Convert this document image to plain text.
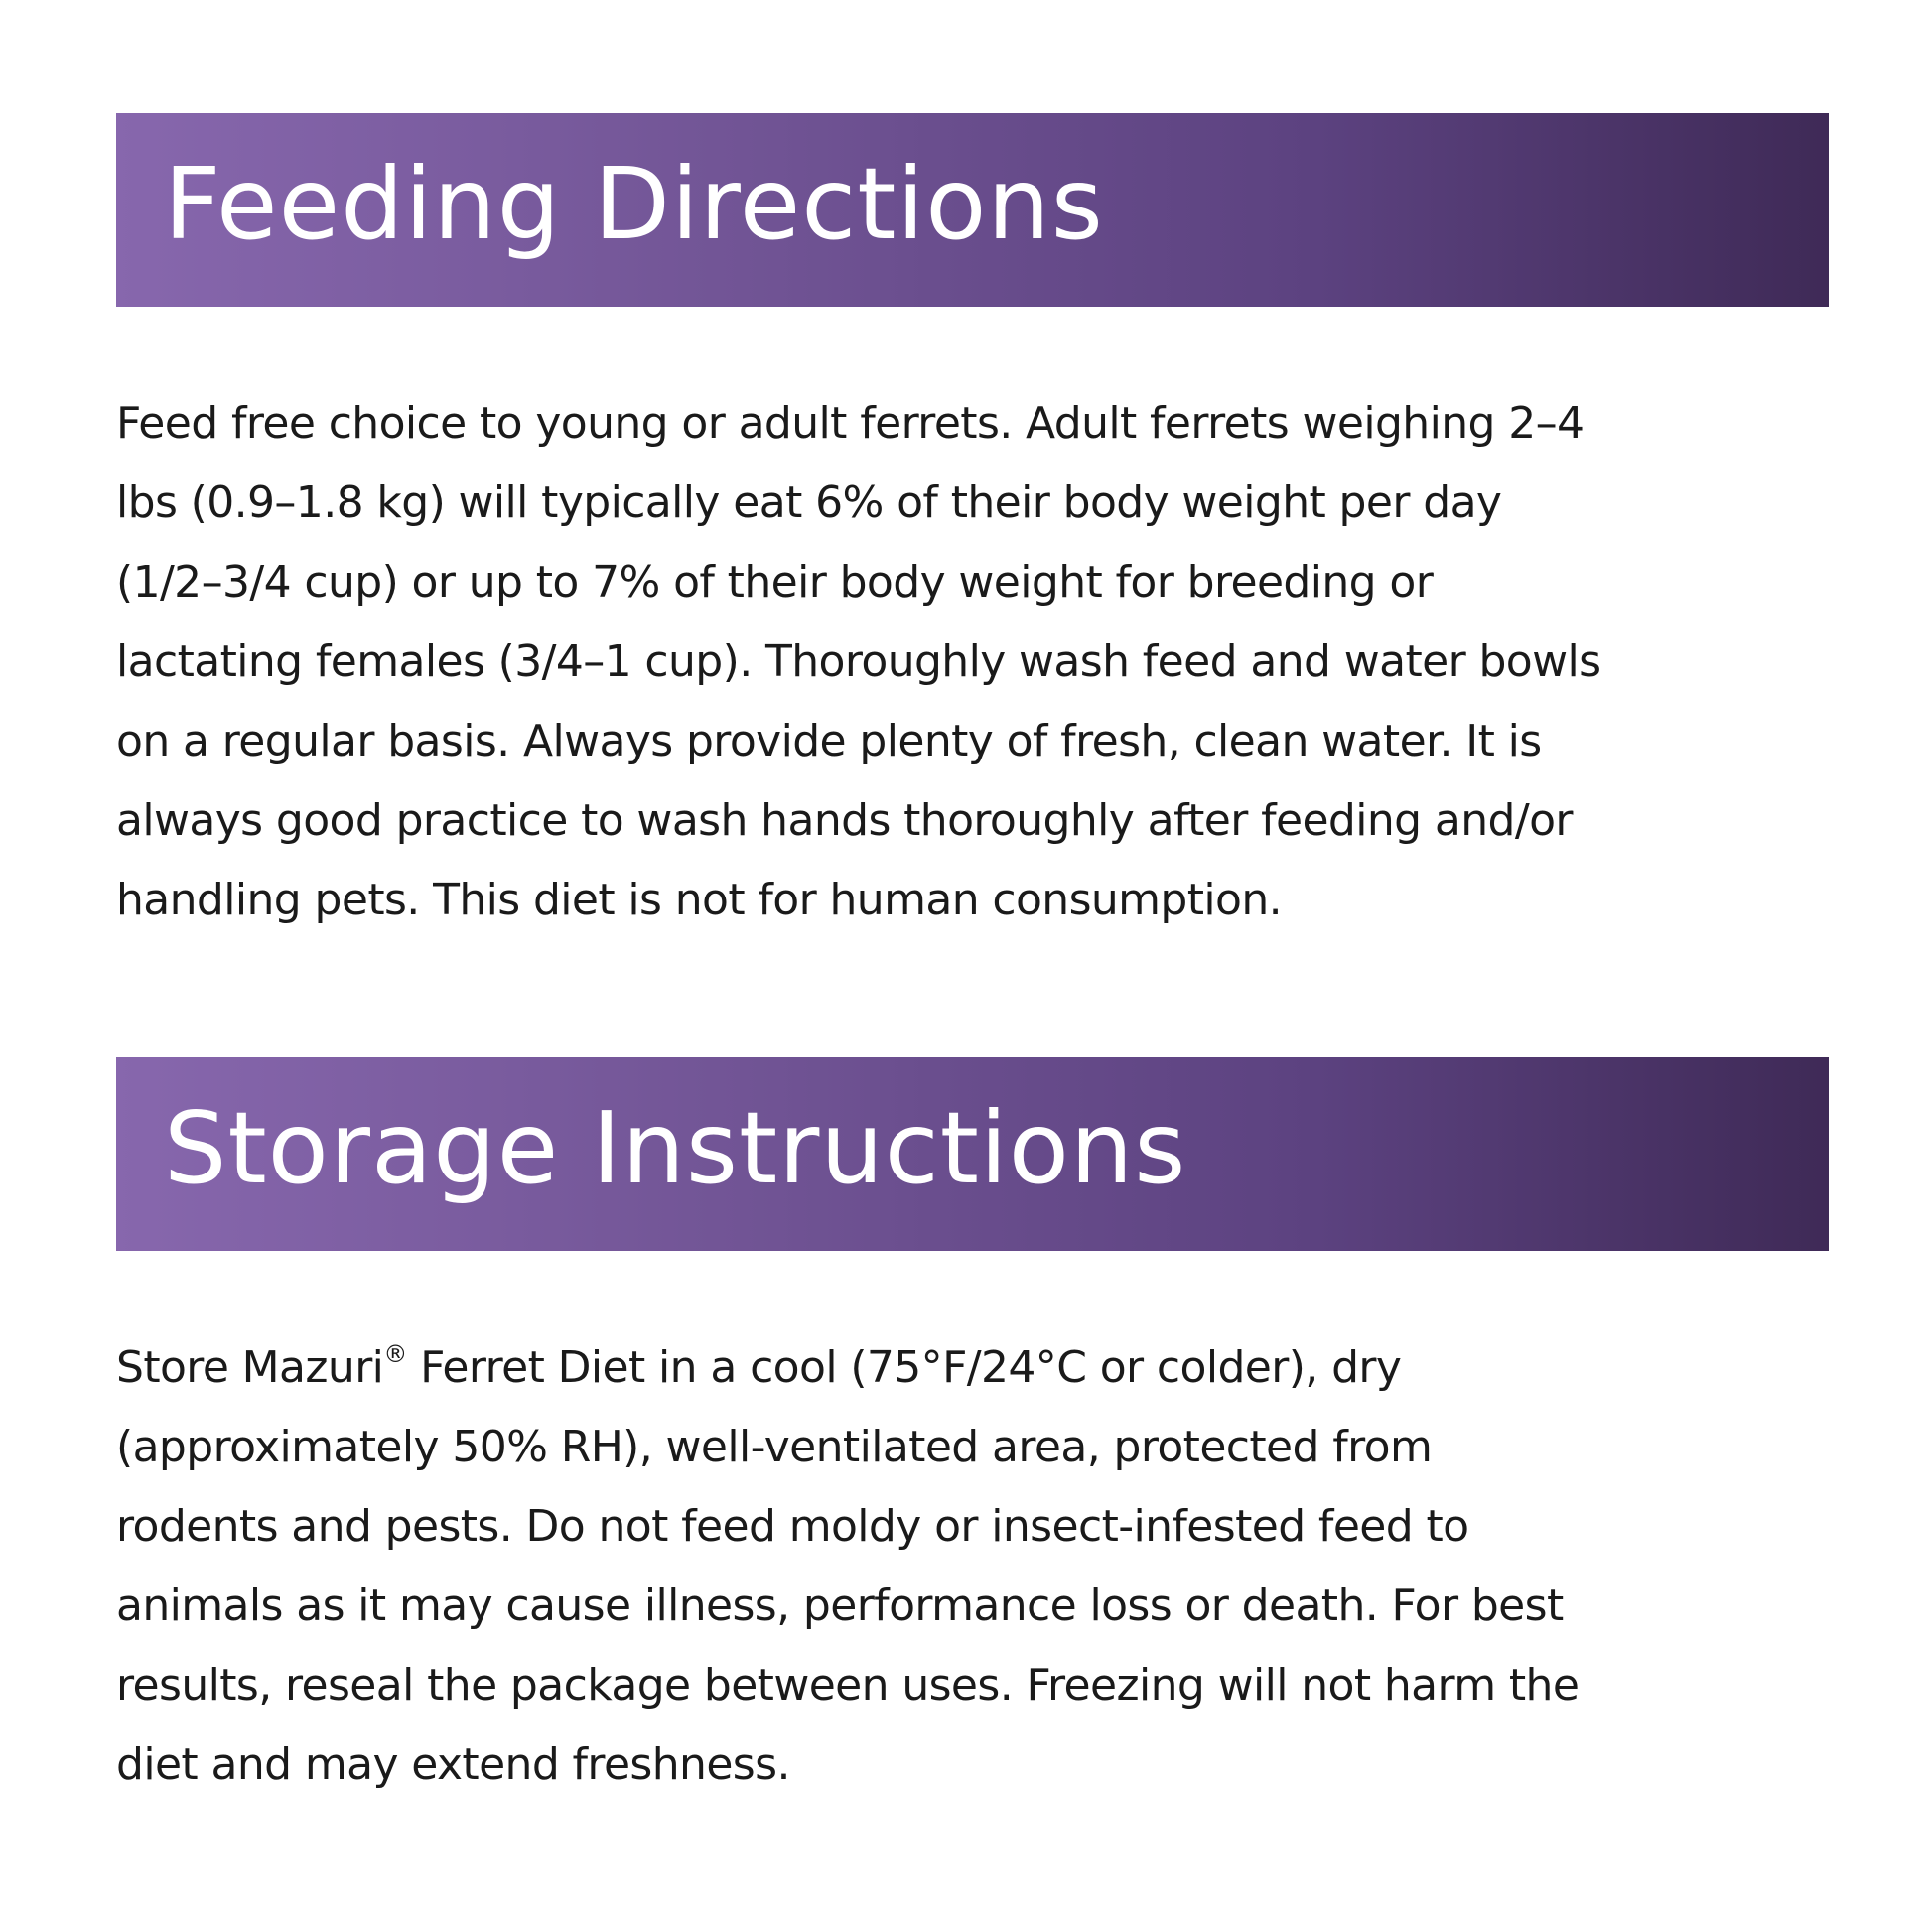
Feeding Directions

Feed free choice to young or adult ferrets. Adult ferrets weighing 2–4
lbs (0.9–1.8 kg) will typically eat 6% of their body weight per day
(1/2–3/4 cup) or up to 7% of their body weight for breeding or
lactating females (3/4–1 cup). Thoroughly wash feed and water bowls
on a regular basis. Always provide plenty of fresh, clean water. It is
always good practice to wash hands thoroughly after feeding and/or
handling pets. This diet is not for human consumption.

Storage Instructions

Store Mazuri® Ferret Diet in a cool (75°F/24°C or colder), dry
(approximately 50% RH), well-ventilated area, protected from
rodents and pests. Do not feed moldy or insect-infested feed to
animals as it may cause illness, performance loss or death. For best
results, reseal the package between uses. Freezing will not harm the
diet and may extend freshness.
